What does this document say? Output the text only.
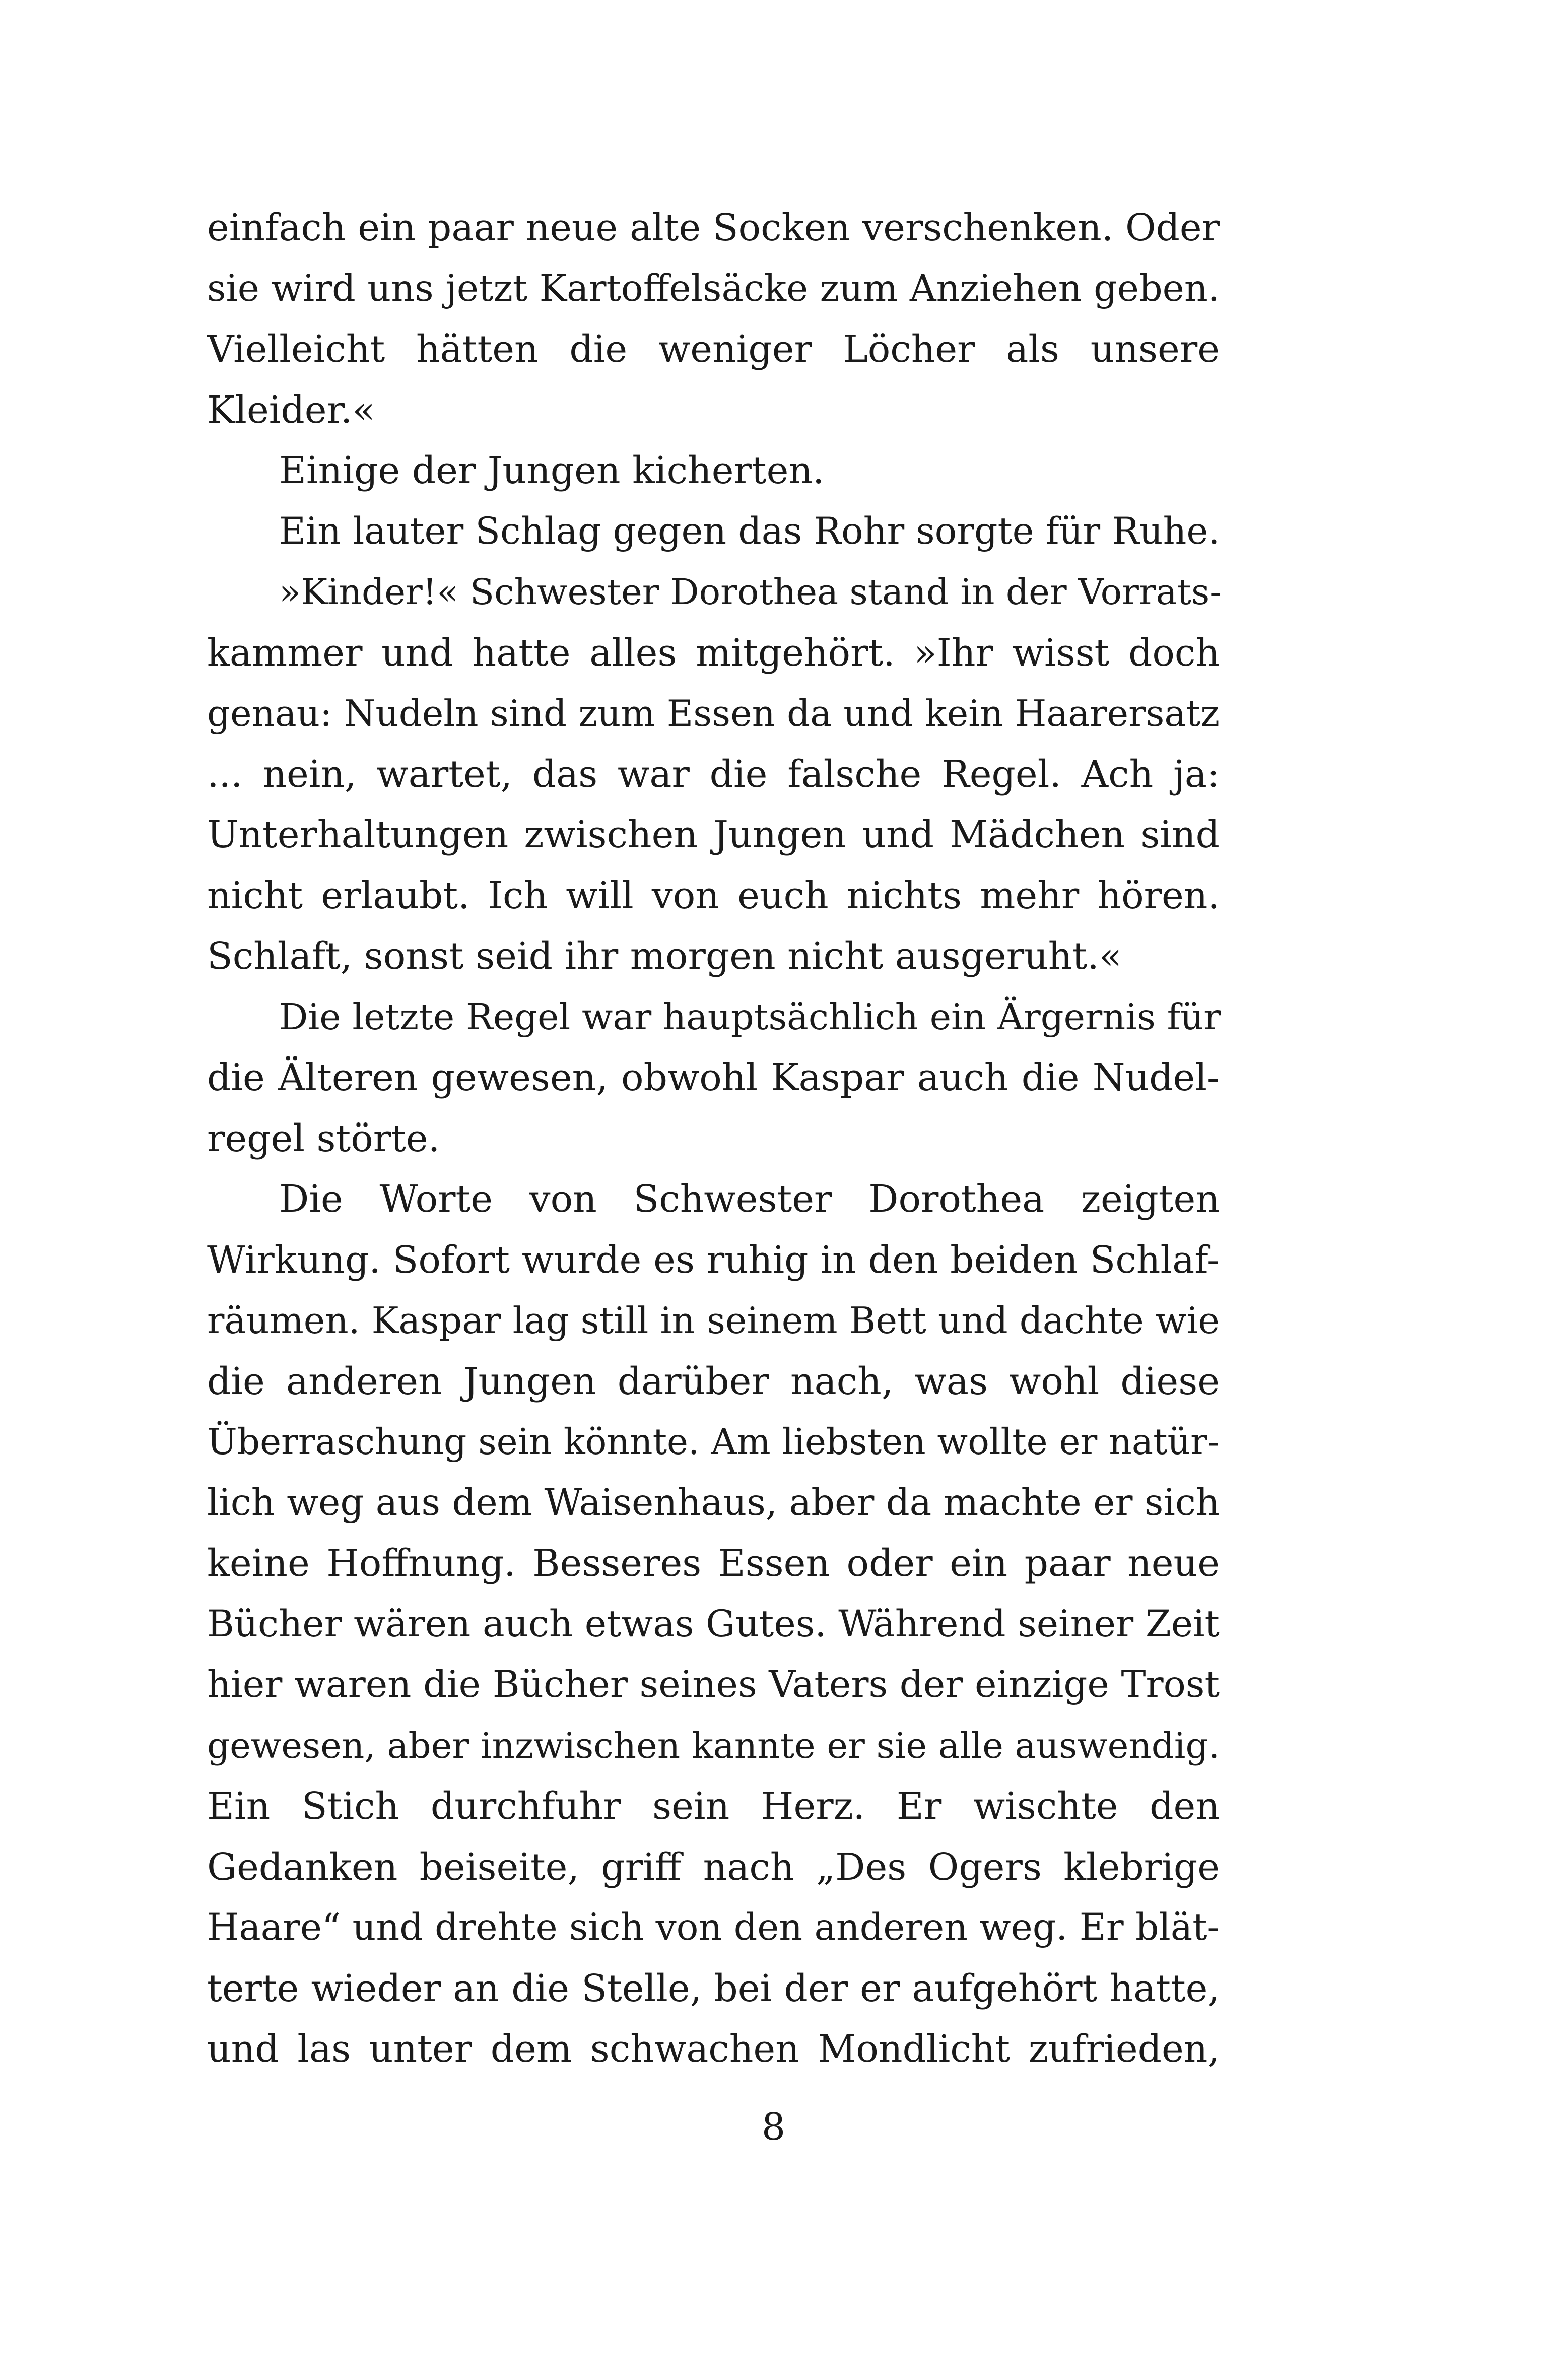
einfach ein paar neue alte Socken verschenken. Oder
sie wird uns jetzt Kartoffelsäcke zum Anziehen geben.
Vielleicht hätten die weniger Löcher als unsere
Kleider.«
Einige der Jungen kicherten.
Ein lauter Schlag gegen das Rohr sorgte für Ruhe.
»Kinder!« Schwester Dorothea stand in der Vorrats-
kammer und hatte alles mitgehört. »Ihr wisst doch
genau: Nudeln sind zum Essen da und kein Haarersatz
... nein, wartet, das war die falsche Regel. Ach ja:
Unterhaltungen zwischen Jungen und Mädchen sind
nicht erlaubt. Ich will von euch nichts mehr hören.
Schlaft, sonst seid ihr morgen nicht ausgeruht.«
Die letzte Regel war hauptsächlich ein Ärgernis für
die Älteren gewesen, obwohl Kaspar auch die Nudel-
regel störte.
Die Worte von Schwester Dorothea zeigten
Wirkung. Sofort wurde es ruhig in den beiden Schlaf-
räumen. Kaspar lag still in seinem Bett und dachte wie
die anderen Jungen darüber nach, was wohl diese
Überraschung sein könnte. Am liebsten wollte er natür-
lich weg aus dem Waisenhaus, aber da machte er sich
keine Hoffnung. Besseres Essen oder ein paar neue
Bücher wären auch etwas Gutes. Während seiner Zeit
hier waren die Bücher seines Vaters der einzige Trost
gewesen, aber inzwischen kannte er sie alle auswendig.
Ein Stich durchfuhr sein Herz. Er wischte den
Gedanken beiseite, griff nach „Des Ogers klebrige
Haare“ und drehte sich von den anderen weg. Er blät-
terte wieder an die Stelle, bei der er aufgehört hatte,
und las unter dem schwachen Mondlicht zufrieden,
8
